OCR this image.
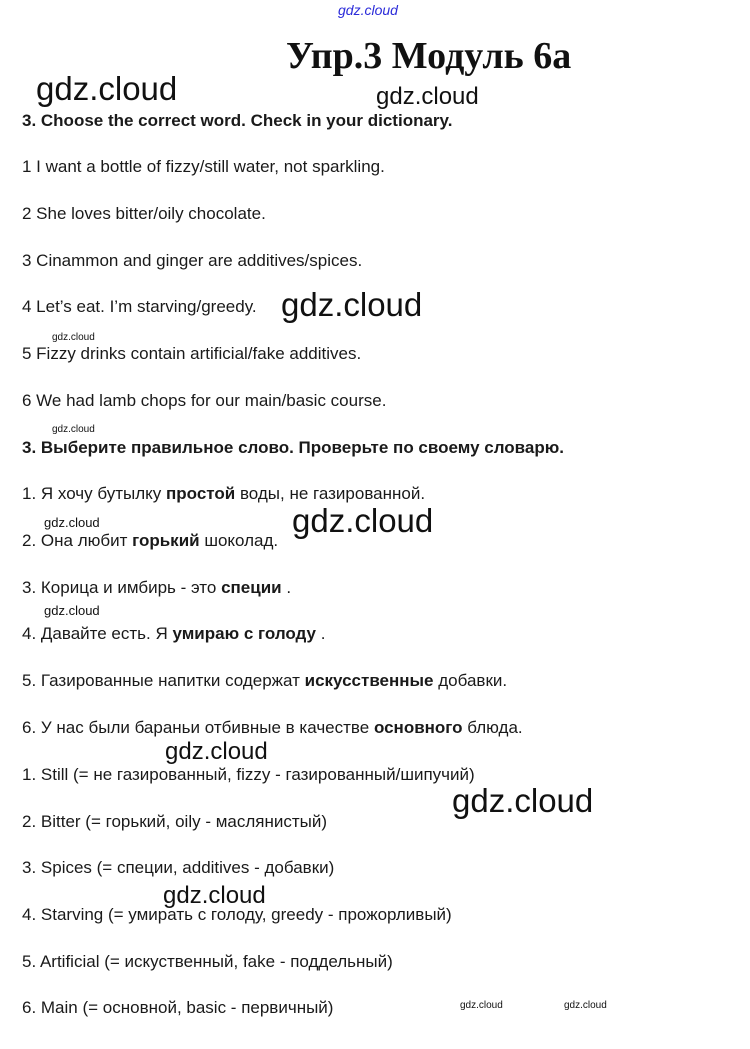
Упр.3 Модуль 6а
3. Choose the correct word. Check in your dictionary.
1 I want a bottle of fizzy/still water, not sparkling.
2 She loves bitter/oily chocolate.
3 Cinammon and ginger are additives/spices.
4 Let’s eat. I’m starving/greedy.
5 Fizzy drinks contain artificial/fake additives.
6 We had lamb chops for our main/basic course.
3. Выберите правильное слово. Проверьте по своему словарю.
1. Я хочу бутылку простой воды, не газированной.
2. Она любит горький шоколад.
3. Корица и имбирь - это специи .
4. Давайте есть. Я умираю с голоду .
5. Газированные напитки содержат искусственные добавки.
6. У нас были бараньи отбивные в качестве основного блюда.
1. Still (= не газированный, fizzy - газированный/шипучий)
2. Bitter (= горький, oily - маслянистый)
3. Spices (= специи, additives - добавки)
4. Starving (= умирать с голоду, greedy - прожорливый)
5. Artificial (= искуственный, fake - поддельный)
6. Main (= основной, basic - первичный)
gdz.cloud
gdz.cloud	gdz.cloud
gdz.cloud
gdz.cloud
gdz.cloud
gdz.cloud	gdz.cloud
gdz.cloud
gdz.cloud
gdz.cloud
gdz.cloud
gdz.cloud	gdz.cloud
